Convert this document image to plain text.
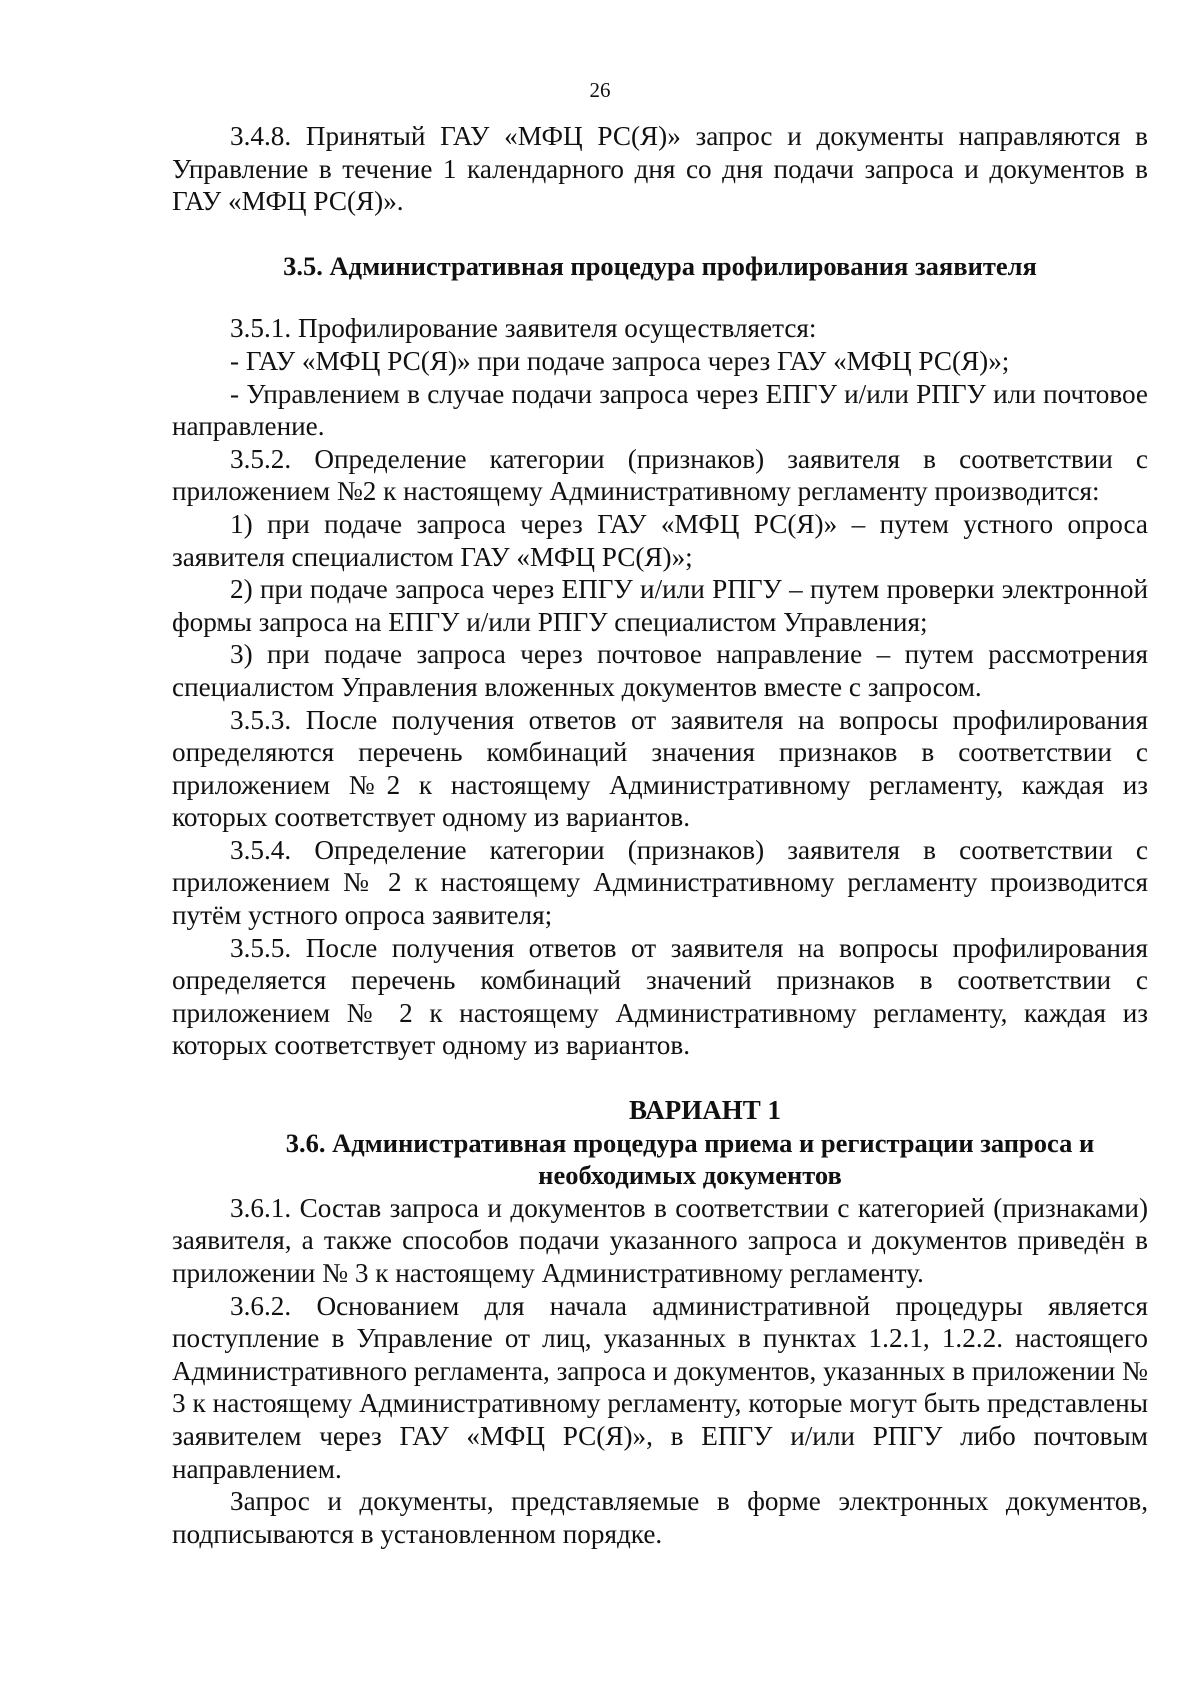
26

3.4.8. Принятый ГАУ «МФЦ РС(Я)» запрос и документы направляются в Управление в течение 1 календарного дня со дня подачи запроса и документов в ГАУ «МФЦ РС(Я)».

3.5. Административная процедура профилирования заявителя

3.5.1. Профилирование заявителя осуществляется:

- ГАУ «МФЦ РС(Я)» при подаче запроса через ГАУ «МФЦ РС(Я)»;

- Управлением в случае подачи запроса через ЕПГУ и/или РПГУ или почтовое направление.

3.5.2. Определение категории (признаков) заявителя в соответствии с приложением №2 к настоящему Административному регламенту производится:

1) при подаче запроса через ГАУ «МФЦ РС(Я)» – путем устного опроса заявителя специалистом ГАУ «МФЦ РС(Я)»;

2) при подаче запроса через ЕПГУ и/или РПГУ – путем проверки электронной формы запроса на ЕПГУ и/или РПГУ специалистом Управления;

3) при подаче запроса через почтовое направление – путем рассмотрения специалистом Управления вложенных документов вместе с запросом.

3.5.3. После получения ответов от заявителя на вопросы профилирования определяются перечень комбинаций значения признаков в соответствии с приложением №2 к настоящему Административному регламенту, каждая из которых соответствует одному из вариантов.

3.5.4. Определение категории (признаков) заявителя в соответствии с приложением № 2 к настоящему Административному регламенту производится путём устного опроса заявителя;

3.5.5. После получения ответов от заявителя на вопросы профилирования определяется перечень комбинаций значений признаков в соответствии с приложением № 2 к настоящему Административному регламенту, каждая из которых соответствует одному из вариантов.

ВАРИАНТ 1

3.6. Административная процедура приема и регистрации запроса и
необходимых документов

3.6.1. Состав запроса и документов в соответствии с категорией (признаками) заявителя, а также способов подачи указанного запроса и документов приведён в приложении № 3 к настоящему Административному регламенту.

3.6.2. Основанием для начала административной процедуры является поступление в Управление от лиц, указанных в пунктах 1.2.1, 1.2.2. настоящего Административного регламента, запроса и документов, указанных в приложении № 3 к настоящему Административному регламенту, которые могут быть представлены заявителем через ГАУ «МФЦ РС(Я)», в ЕПГУ и/или РПГУ либо почтовым направлением.

Запрос и документы, представляемые в форме электронных документов, подписываются в установленном порядке.
